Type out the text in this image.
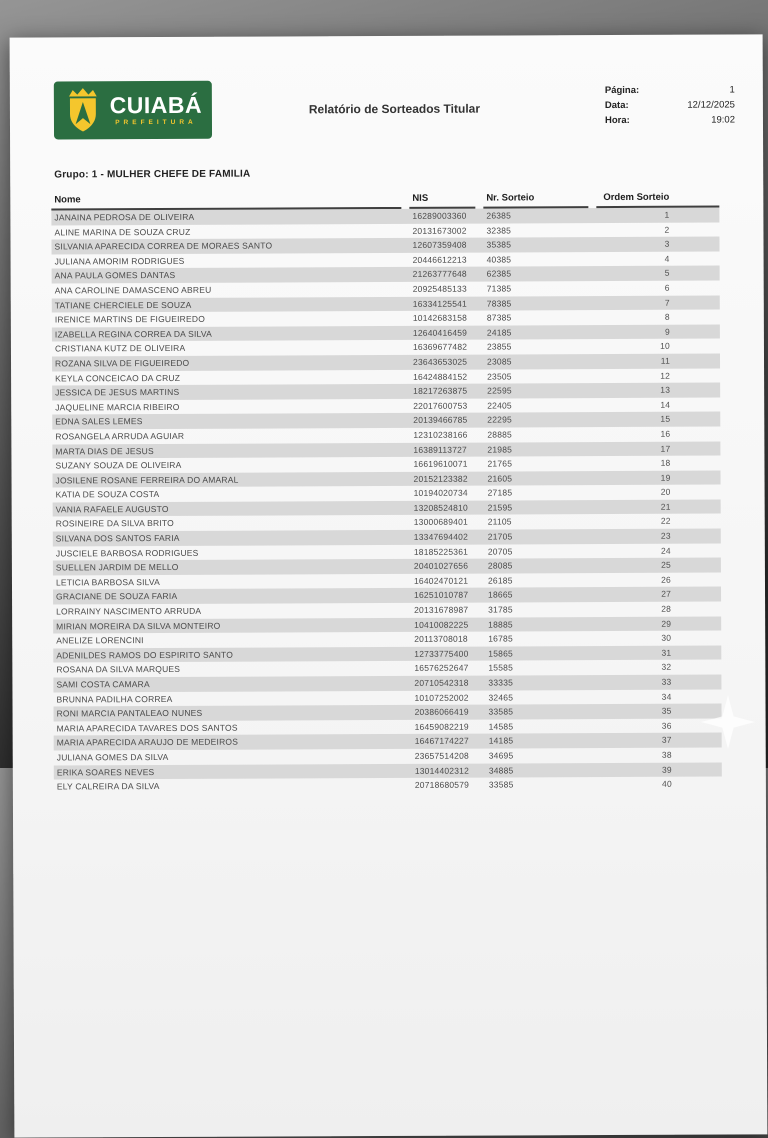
CUIABÁ
PREFEITURA
Relatório de Sorteados Titular
Página:	1
Data:	12/12/2025
Hora:	19:02
Grupo: 1 - MULHER CHEFE DE FAMILIA
Nome	NIS	Nr. Sorteio	Ordem Sorteio
JANAINA PEDROSA DE OLIVEIRA	16289003360	26385	1
ALINE MARINA DE SOUZA CRUZ	20131673002	32385	2
SILVANIA APARECIDA CORREA DE MORAES SANTO	12607359408	35385	3
JULIANA AMORIM RODRIGUES	20446612213	40385	4
ANA PAULA GOMES DANTAS	21263777648	62385	5
ANA CAROLINE DAMASCENO ABREU	20925485133	71385	6
TATIANE CHERCIELE DE SOUZA	16334125541	78385	7
IRENICE MARTINS DE FIGUEIREDO	10142683158	87385	8
IZABELLA REGINA CORREA DA SILVA	12640416459	24185	9
CRISTIANA KUTZ DE OLIVEIRA	16369677482	23855	10
ROZANA SILVA DE FIGUEIREDO	23643653025	23085	11
KEYLA CONCEICAO DA CRUZ	16424884152	23505	12
JESSICA DE JESUS MARTINS	18217263875	22595	13
JAQUELINE MARCIA RIBEIRO	22017600753	22405	14
EDNA SALES LEMES	20139466785	22295	15
ROSANGELA ARRUDA AGUIAR	12310238166	28885	16
MARTA DIAS DE JESUS	16389113727	21985	17
SUZANY SOUZA DE OLIVEIRA	16619610071	21765	18
JOSILENE ROSANE FERREIRA DO AMARAL	20152123382	21605	19
KATIA DE SOUZA COSTA	10194020734	27185	20
VANIA RAFAELE AUGUSTO	13208524810	21595	21
ROSINEIRE DA SILVA BRITO	13000689401	21105	22
SILVANA DOS SANTOS FARIA	13347694402	21705	23
JUSCIELE BARBOSA RODRIGUES	18185225361	20705	24
SUELLEN JARDIM DE MELLO	20401027656	28085	25
LETICIA BARBOSA SILVA	16402470121	26185	26
GRACIANE DE SOUZA FARIA	16251010787	18665	27
LORRAINY NASCIMENTO ARRUDA	20131678987	31785	28
MIRIAN MOREIRA DA SILVA MONTEIRO	10410082225	18885	29
ANELIZE LORENCINI	20113708018	16785	30
ADENILDES RAMOS DO ESPIRITO SANTO	12733775400	15865	31
ROSANA DA SILVA MARQUES	16576252647	15585	32
SAMI COSTA CAMARA	20710542318	33335	33
BRUNNA PADILHA CORREA	10107252002	32465	34
RONI MARCIA PANTALEAO NUNES	20386066419	33585	35
MARIA APARECIDA TAVARES DOS SANTOS	16459082219	14585	36
MARIA APARECIDA ARAUJO DE MEDEIROS	16467174227	14185	37
JULIANA GOMES DA SILVA	23657514208	34695	38
ERIKA SOARES NEVES	13014402312	34885	39
ELY CALREIRA DA SILVA	20718680579	33585	40
